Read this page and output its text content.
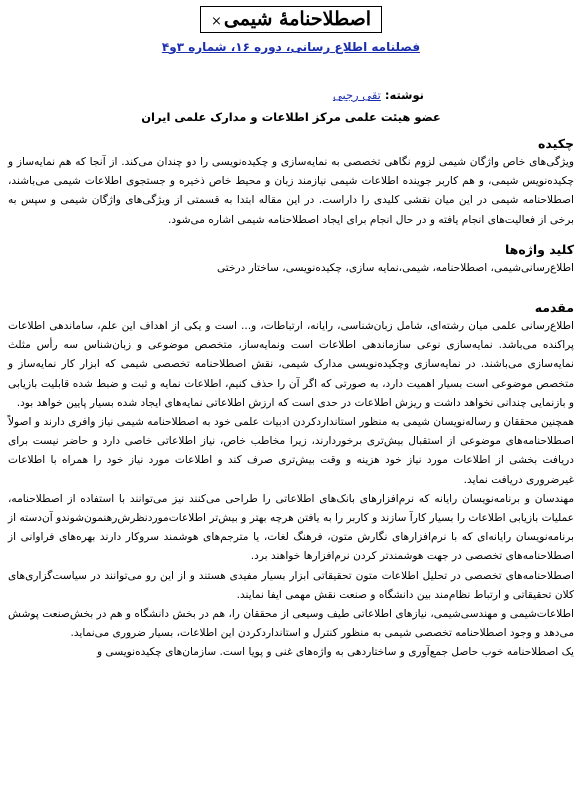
× اصطلاحنامۀ شیمی
فصلنامه اطلاع رسانی، دوره ۱۶، شماره ۳و۴
نوشته: تقی رجبی
عضو هیئت علمی مرکز اطلاعات و مدارک علمی ایران
چکیده

ویژگی‌های خاص واژگان شیمی لزوم نگاهی تخصصی به نمایه‌سازی و چکیده‌نویسی را دو چندان می‌کند. از آنجا که هم نمایه‌ساز و چکیده‌نویس شیمی، و هم کاربر جوینده اطلاعات شیمی نیازمند زبان و محیط خاص ذخیره و جستجوی اطلاعات شیمی می‌باشند، اصطلاحنامه شیمی در این میان نقشی کلیدی را داراست. در این مقاله ابتدا به قسمتی از ویژگی‌های واژگان شیمی و سپس به برخی از فعالیت‌های انجام یافته و در حال انجام برای ایجاد اصطلاحنامه شیمی اشاره می‌شود.

کلید واژه‌ها

اطلاع‌رسانی‌شیمی، اصطلاحنامه، شیمی،نمایه سازی، چکیده‌نویسی، ساختار درختی

مقدمه

اطلاع‌رسانی علمی میان رشته‌ای، شامل زبان‌شناسی، رایانه، ارتباطات، و... است و یکی از اهداف این علم، ساماندهی اطلاعات پراکنده می‌باشد. نمایه‌سازی نوعی سازماندهی اطلاعات است ونمایه‌ساز، متخصص موضوعی و زبان‌شناس سه رأس مثلث نمایه‌سازی می‌باشند. در نمایه‌سازی وچکیده‌نویسی مدارک شیمی، نقش اصطلاحنامه تخصصی شیمی که ابزار کار نمایه‌ساز و متخصص موضوعی است بسیار اهمیت دارد، به صورتی که اگر آن را حذف کنیم، اطلاعات نمایه و ثبت و ضبط شده قابلیت بازیابی و بازنمایی چندانی نخواهد داشت و ریزش اطلاعات در حدی است که ارزش اطلاعاتی نمایه‌های ایجاد شده بسیار پایین خواهد بود.

همچنین محققان و رساله‌نویسان شیمی به منظور استانداردکردن ادبیات علمی خود به اصطلاحنامه شیمی نیاز وافری دارند و اصولاً اصطلاحنامه‌های موضوعی از استقبال بیش‌تری برخوردارند، زیرا مخاطب خاص، نیاز اطلاعاتی خاصی دارد و حاضر نیست برای دریافت بخشی از اطلاعات مورد نیاز خود هزینه و وقت بیش‌تری صرف کند و اطلاعات مورد نیاز خود را همراه با اطلاعات غیرضروری دریافت نماید.

مهندسان و برنامه‌نویسان رایانه که نرم‌افزارهای بانک‌های اطلاعاتی را طراحی می‌کنند نیز می‌توانند با استفاده از اصطلاحنامه، عملیات بازیابی اطلاعات را بسیار کارآ سازند و کاربر را به یافتن هرچه بهتر و بیش‌تر اطلاعات‌موردنظرش‌رهنمون‌شوندو آن‌دسته از برنامه‌نویسان رایانه‌ای که با نرم‌افزارهای نگارش متون، فرهنگ لغات، یا مترجم‌های هوشمند سروکار دارند بهره‌های فراوانی از اصطلاحنامه‌های تخصصی در جهت هوشمندتر کردن نرم‌افزارها خواهند برد.

اصطلاحنامه‌های تخصصی در تحلیل اطلاعات متون تحقیقاتی ابزار بسیار مفیدی هستند و از این رو می‌توانند در سیاست‌گزاری‌های کلان تحقیقاتی و ارتباط نظام‌مند بین دانشگاه و صنعت نقش مهمی ایفا نمایند.

اطلاعات‌شیمی و مهندسی‌شیمی، نیازهای اطلاعاتی طیف وسیعی از محققان را، هم در بخش دانشگاه و هم در بخش‌صنعت پوشش می‌دهد و وجود اصطلاحنامه تخصصی شیمی به منظور کنترل و استانداردکردن این اطلاعات، بسیار ضروری می‌نماید.

یک اصطلاحنامه خوب حاصل جمع‌آوری و ساختاردهی به واژه‌های غنی و پویا است. سازمان‌های چکیده‌نویسی و
